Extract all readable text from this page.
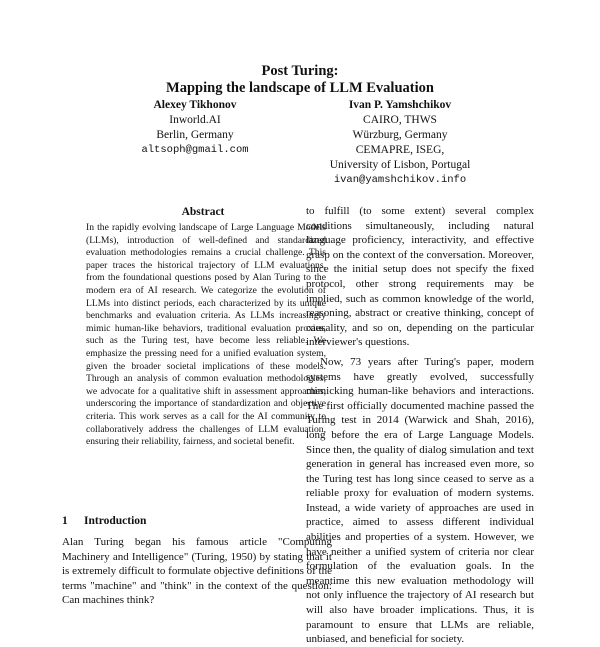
Post Turing:
Mapping the landscape of LLM Evaluation
Alexey Tikhonov
Inworld.AI
Berlin, Germany
altsoph@gmail.com
Ivan P. Yamshchikov
CAIRO, THWS
Würzburg, Germany
CEMAPRE, ISEG,
University of Lisbon, Portugal
ivan@yamshchikov.info
Abstract
In the rapidly evolving landscape of Large Language Models (LLMs), introduction of well-defined and standardized evaluation methodologies remains a crucial challenge. This paper traces the historical trajectory of LLM evaluations, from the foundational questions posed by Alan Turing to the modern era of AI research. We categorize the evolution of LLMs into distinct periods, each characterized by its unique benchmarks and evaluation criteria. As LLMs increasingly mimic human-like behaviors, traditional evaluation proxies, such as the Turing test, have become less reliable. We emphasize the pressing need for a unified evaluation system, given the broader societal implications of these models. Through an analysis of common evaluation methodologies, we advocate for a qualitative shift in assessment approaches, underscoring the importance of standardization and objective criteria. This work serves as a call for the AI community to collaboratively address the challenges of LLM evaluation, ensuring their reliability, fairness, and societal benefit.
1 Introduction
Alan Turing began his famous article "Computing Machinery and Intelligence" (Turing, 1950) by stating that it is extremely difficult to formulate objective definitions of the terms "machine" and "think" in the context of the question: Can machines think?

to fulfill (to some extent) several complex conditions simultaneously, including natural language proficiency, interactivity, and effective grasp on the context of the conversation. Moreover, since the initial setup does not specify the fixed protocol, other strong requirements may be implied, such as common knowledge of the world, reasoning, abstract or creative thinking, concept of causality, and so on, depending on the particular interviewer's questions.

Now, 73 years after Turing's paper, modern systems have greatly evolved, successfully mimicking human-like behaviors and interactions. The first officially documented machine passed the Turing test in 2014 (Warwick and Shah, 2016), long before the era of Large Language Models. Since then, the quality of dialog simulation and text generation in general has increased even more, so the Turing test has long since ceased to serve as a reliable proxy for evaluation of modern systems. Instead, a wide variety of approaches are used in practice, aimed to assess different individual abilities and properties of a system. However, we have neither a unified system of criteria nor clear formulation of the evaluation goals. In the meantime this new evaluation methodology will not only influence the trajectory of AI research but will also have broader implications. Thus, it is paramount to ensure that LLMs are reliable, unbiased, and beneficial for society.
